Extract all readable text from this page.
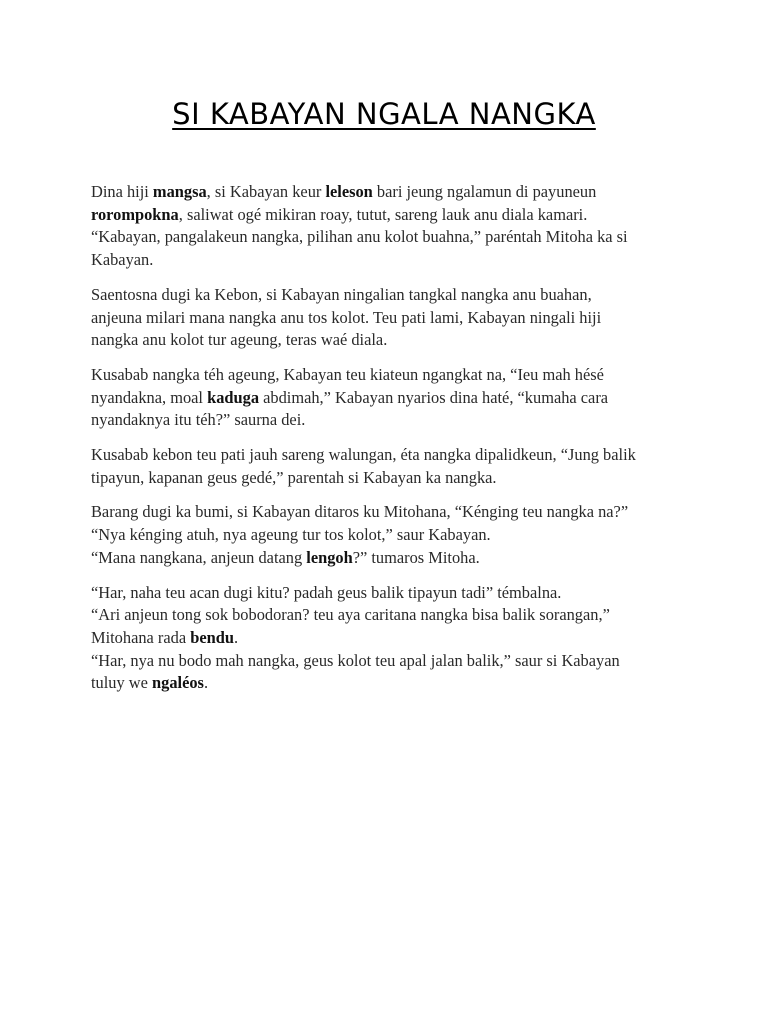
SI KABAYAN NGALA NANGKA

Dina hiji mangsa, si Kabayan keur leleson bari jeung ngalamun di payuneun
rorompokna, saliwat ogé mikiran roay, tutut, sareng lauk anu diala kamari.
“Kabayan, pangalakeun nangka, pilihan anu kolot buahna,” paréntah Mitoha ka si
Kabayan.

Saentosna dugi ka Kebon, si Kabayan ningalian tangkal nangka anu buahan,
anjeuna milari mana nangka anu tos kolot. Teu pati lami, Kabayan ningali hiji
nangka anu kolot tur ageung, teras waé diala.

Kusabab nangka téh ageung, Kabayan teu kiateun ngangkat na, “Ieu mah hésé
nyandakna, moal kaduga abdimah,” Kabayan nyarios dina haté, “kumaha cara
nyandaknya itu téh?” saurna dei.

Kusabab kebon teu pati jauh sareng walungan, éta nangka dipalidkeun, “Jung balik
tipayun, kapanan geus gedé,” parentah si Kabayan ka nangka.

Barang dugi ka bumi, si Kabayan ditaros ku Mitohana, “Kénging teu nangka na?”
“Nya kénging atuh, nya ageung tur tos kolot,” saur Kabayan.
“Mana nangkana, anjeun datang lengoh?” tumaros Mitoha.

“Har, naha teu acan dugi kitu? padah geus balik tipayun tadi” témbalna.
“Ari anjeun tong sok bobodoran? teu aya caritana nangka bisa balik sorangan,”
Mitohana rada bendu.
“Har, nya nu bodo mah nangka, geus kolot teu apal jalan balik,” saur si Kabayan
tuluy we ngaléos.
